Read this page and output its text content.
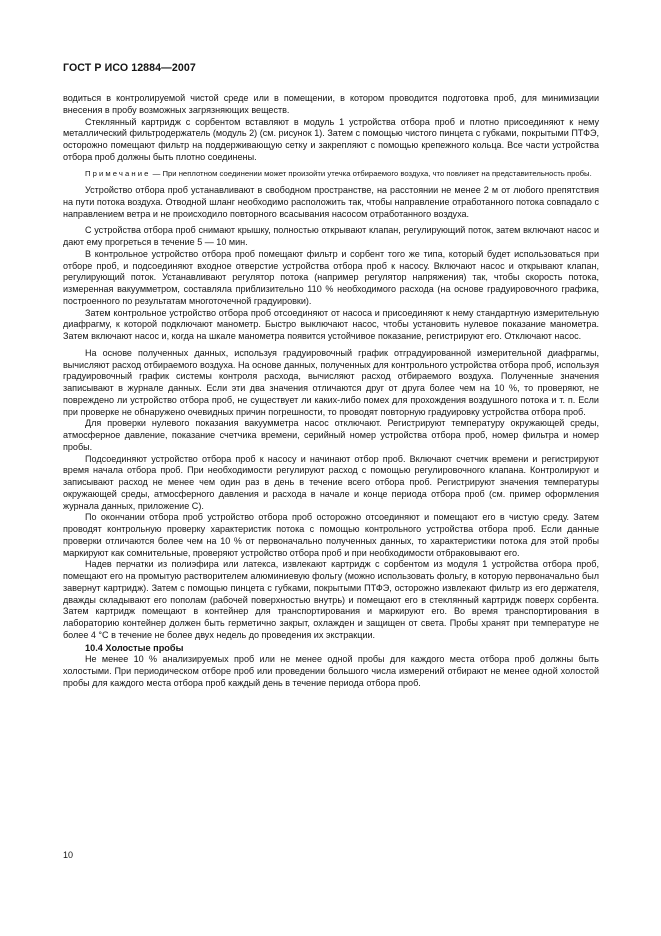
ГОСТ Р ИСО 12884—2007

водиться в контролируемой чистой среде или в помещении, в котором проводится подготовка проб, для минимизации внесения в пробу возможных загрязняющих веществ.

Стеклянный картридж с сорбентом вставляют в модуль 1 устройства отбора проб и плотно присоединяют к нему металлический фильтродержатель (модуль 2) (см. рисунок 1). Затем с помощью чистого пинцета с губками, покрытыми ПТФЭ, осторожно помещают фильтр на поддерживающую сетку и закрепляют с помощью крепежного кольца. Все части устройства отбора проб должны быть плотно соединены.

Примечание — При неплотном соединении может произойти утечка отбираемого воздуха, что повлияет на представительность пробы.

Устройство отбора проб устанавливают в свободном пространстве, на расстоянии не менее 2 м от любого препятствия на пути потока воздуха. Отводной шланг необходимо расположить так, чтобы направление отработанного потока совпадало с направлением ветра и не происходило повторного всасывания насосом отработанного воздуха.

С устройства отбора проб снимают крышку, полностью открывают клапан, регулирующий поток, затем включают насос и дают ему прогреться в течение 5 — 10 мин.

В контрольное устройство отбора проб помещают фильтр и сорбент того же типа, который будет использоваться при отборе проб, и подсоединяют входное отверстие устройства отбора проб к насосу. Включают насос и открывают клапан, регулирующий поток. Устанавливают регулятор потока (например регулятор напряжения) так, чтобы скорость потока, измеренная вакуумметром, составляла приблизительно 110 % необходимого расхода (на основе градуировочного графика, построенного по результатам многоточечной градуировки).

Затем контрольное устройство отбора проб отсоединяют от насоса и присоединяют к нему стандартную измерительную диафрагму, к которой подключают манометр. Быстро выключают насос, чтобы установить нулевое показание манометра. Затем включают насос и, когда на шкале манометра появится устойчивое показание, регистрируют его. Отключают насос.

На основе полученных данных, используя градуировочный график отградуированной измерительной диафрагмы, вычисляют расход отбираемого воздуха. На основе данных, полученных для контрольного устройства отбора проб, используя градуировочный график системы контроля расхода, вычисляют расход отбираемого воздуха. Полученные значения записывают в журнале данных. Если эти два значения отличаются друг от друга более чем на 10 %, то проверяют, не повреждено ли устройство отбора проб, не существует ли каких-либо помех для прохождения воздушного потока и т. п. Если при проверке не обнаружено очевидных причин погрешности, то проводят повторную градуировку устройства отбора проб.

Для проверки нулевого показания вакуумметра насос отключают. Регистрируют температуру окружающей среды, атмосферное давление, показание счетчика времени, серийный номер устройства отбора проб, номер фильтра и номер пробы.

Подсоединяют устройство отбора проб к насосу и начинают отбор проб. Включают счетчик времени и регистрируют время начала отбора проб. При необходимости регулируют расход с помощью регулировочного клапана. Контролируют и записывают расход не менее чем один раз в день в течение всего отбора проб. Регистрируют значения температуры окружающей среды, атмосферного давления и расхода в начале и конце периода отбора проб (см. пример оформления журнала данных, приложение С).

По окончании отбора проб устройство отбора проб осторожно отсоединяют и помещают его в чистую среду. Затем проводят контрольную проверку характеристик потока с помощью контрольного устройства отбора проб. Если данные проверки отличаются более чем на 10 % от первоначально полученных данных, то характеристики потока для этой пробы маркируют как сомнительные, проверяют устройство отбора проб и при необходимости отбраковывают его.

Надев перчатки из полиэфира или латекса, извлекают картридж с сорбентом из модуля 1 устройства отбора проб, помещают его на промытую растворителем алюминиевую фольгу (можно использовать фольгу, в которую первоначально был завернут картридж). Затем с помощью пинцета с губками, покрытыми ПТФЭ, осторожно извлекают фильтр из его держателя, дважды складывают его пополам (рабочей поверхностью внутрь) и помещают его в стеклянный картридж поверх сорбента. Затем картридж помещают в контейнер для транспортирования и маркируют его. Во время транспортирования в лабораторию контейнер должен быть герметично закрыт, охлажден и защищен от света. Пробы хранят при температуре не более 4 °С в течение не более двух недель до проведения их экстракции.

10.4 Холостые пробы

Не менее 10 % анализируемых проб или не менее одной пробы для каждого места отбора проб должны быть холостыми. При периодическом отборе проб или проведении большого числа измерений отбирают не менее одной холостой пробы для каждого места отбора проб каждый день в течение периода отбора проб.

10
